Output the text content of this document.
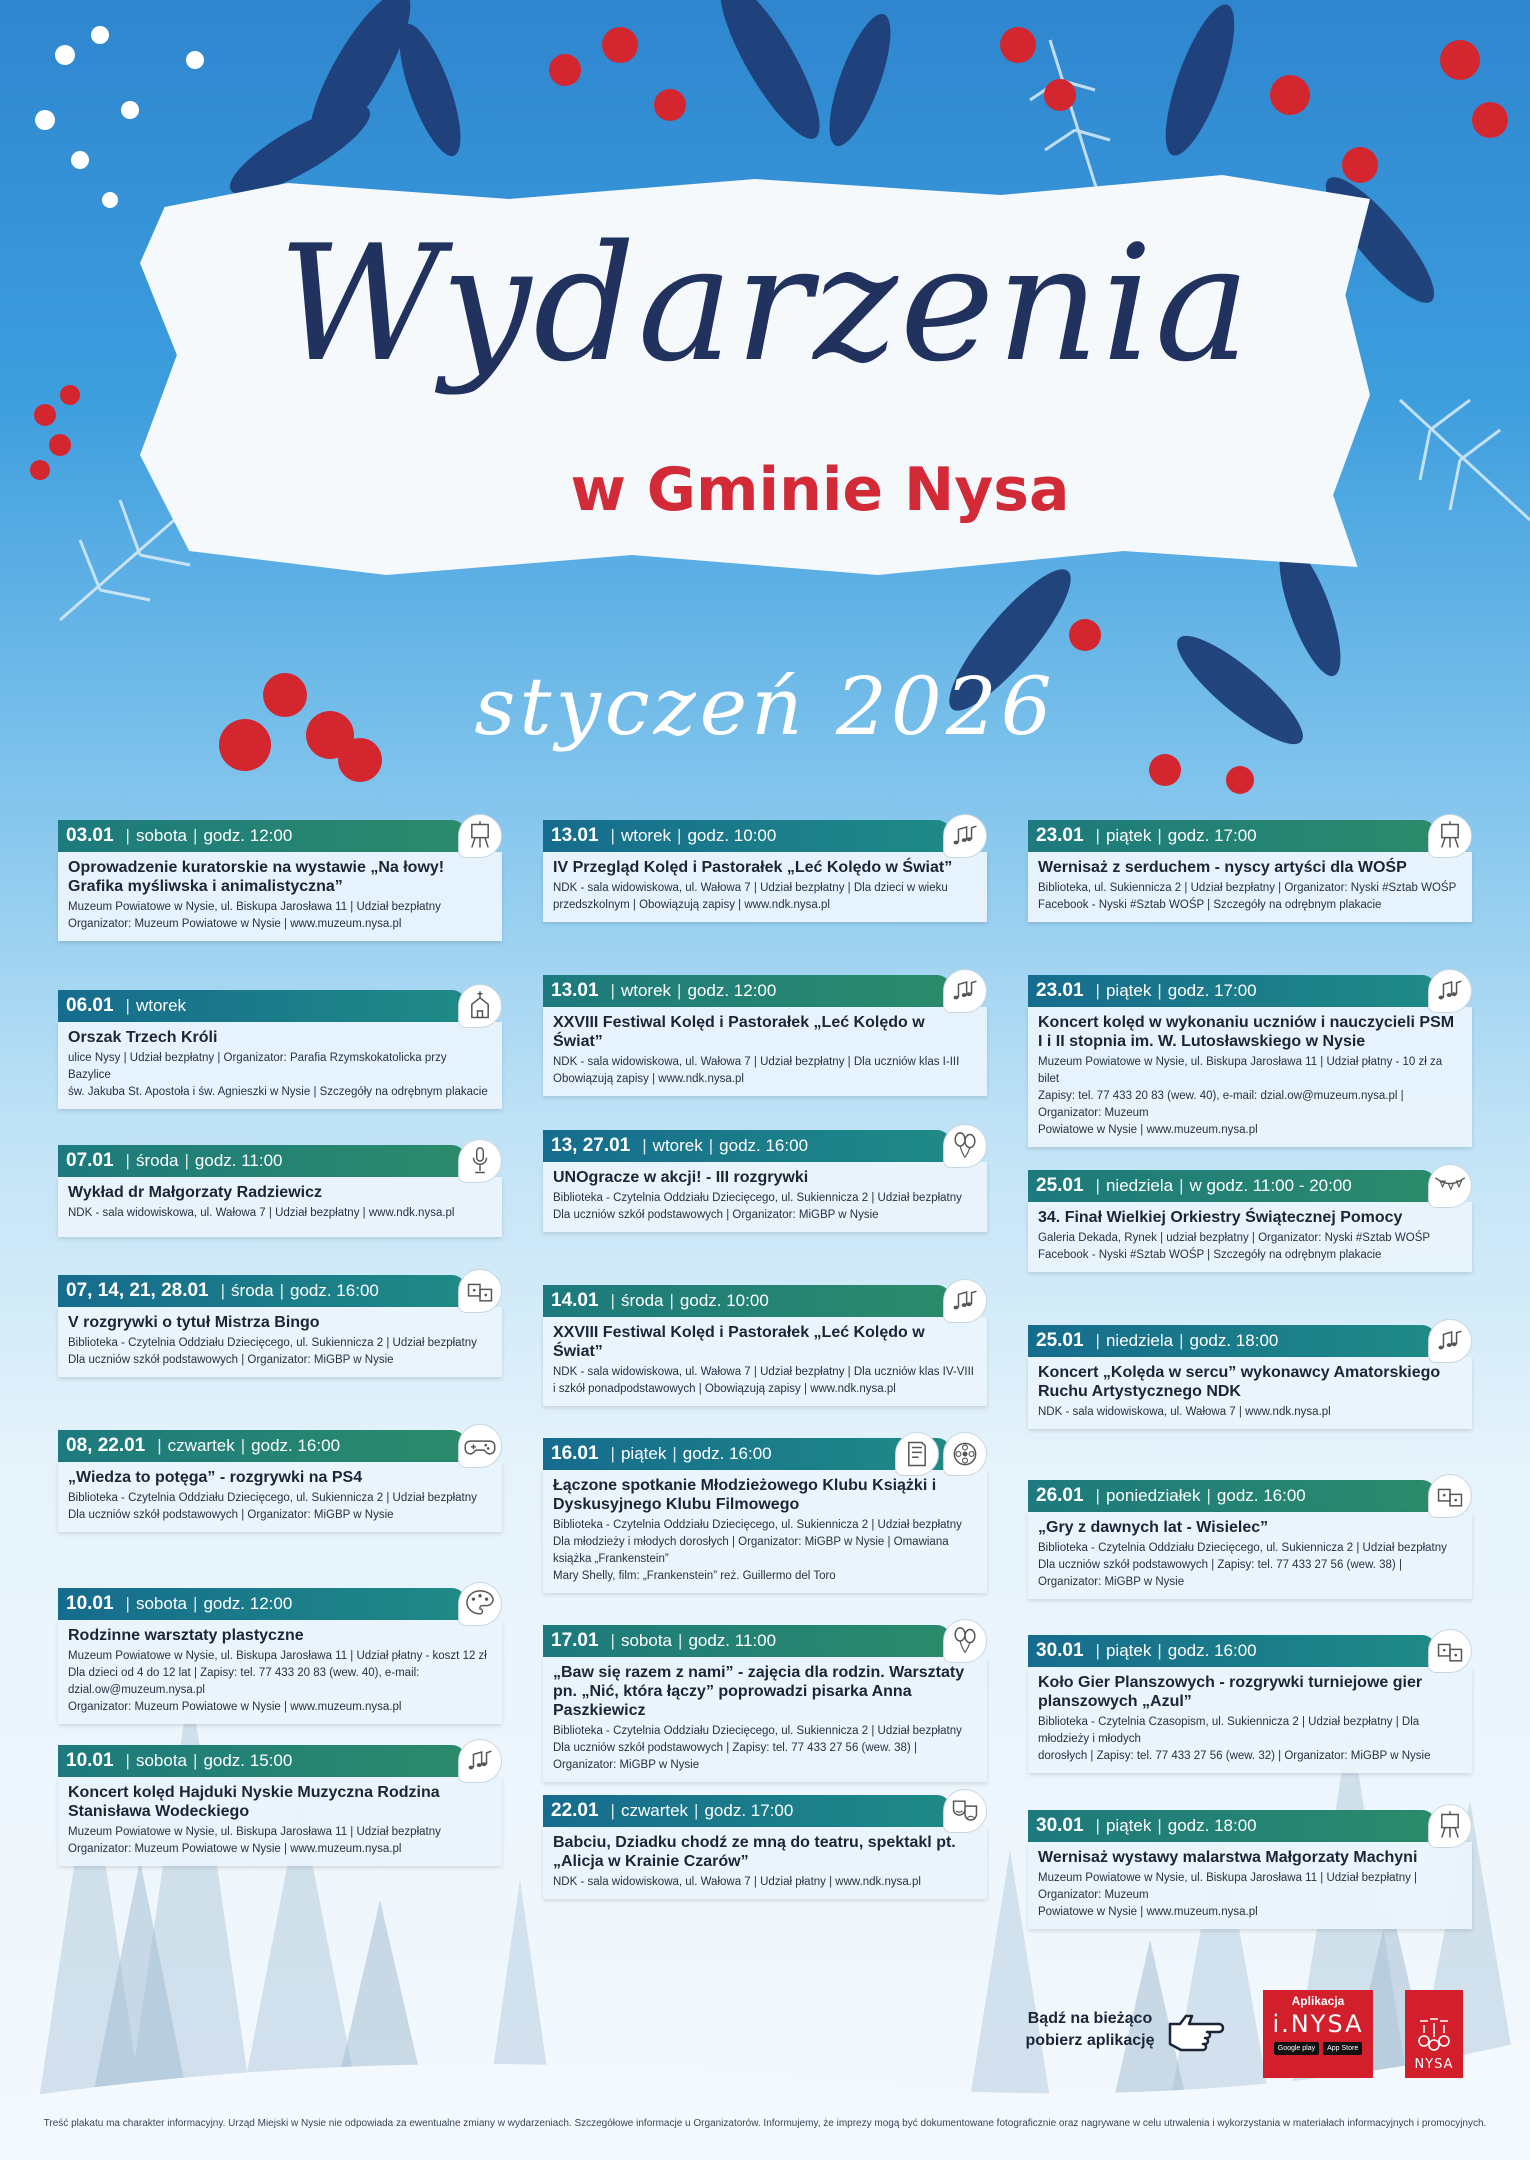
Wydarzenia
w Gminie Nysa
styczeń 2026
03.01 | sobota | godz. 12:00
Oprowadzenie kuratorskie na wystawie „Na łowy! Grafika myśliwska i animalistyczna”
Muzeum Powiatowe w Nysie, ul. Biskupa Jarosława 11 | Udział bezpłatny
Organizator: Muzeum Powiatowe w Nysie | www.muzeum.nysa.pl
06.01 | wtorek
Orszak Trzech Króli
ulice Nysy | Udział bezpłatny | Organizator: Parafia Rzymskokatolicka przy Bazylice
św. Jakuba St. Apostoła i św. Agnieszki w Nysie | Szczegóły na odrębnym plakacie
07.01 | środa | godz. 11:00
Wykład dr Małgorzaty Radziewicz
NDK - sala widowiskowa, ul. Wałowa 7 | Udział bezpłatny | www.ndk.nysa.pl
07, 14, 21, 28.01 | środa | godz. 16:00
V rozgrywki o tytuł Mistrza Bingo
Biblioteka - Czytelnia Oddziału Dziecięcego, ul. Sukiennicza 2 | Udział bezpłatny
Dla uczniów szkół podstawowych | Organizator: MiGBP w Nysie
08, 22.01 | czwartek | godz. 16:00
„Wiedza to potęga” - rozgrywki na PS4
Biblioteka - Czytelnia Oddziału Dziecięcego, ul. Sukiennicza 2 | Udział bezpłatny
Dla uczniów szkół podstawowych | Organizator: MiGBP w Nysie
10.01 | sobota | godz. 12:00
Rodzinne warsztaty plastyczne
Muzeum Powiatowe w Nysie, ul. Biskupa Jarosława 11 | Udział płatny - koszt 12 zł
Dla dzieci od 4 do 12 lat | Zapisy: tel. 77 433 20 83 (wew. 40), e-mail: dzial.ow@muzeum.nysa.pl
Organizator: Muzeum Powiatowe w Nysie | www.muzeum.nysa.pl
10.01 | sobota | godz. 15:00
Koncert kolęd Hajduki Nyskie Muzyczna Rodzina Stanisława Wodeckiego
Muzeum Powiatowe w Nysie, ul. Biskupa Jarosława 11 | Udział bezpłatny
Organizator: Muzeum Powiatowe w Nysie | www.muzeum.nysa.pl
13.01 | wtorek | godz. 10:00
IV Przegląd Kolęd i Pastorałek „Leć Kolędo w Świat”
NDK - sala widowiskowa, ul. Wałowa 7 | Udział bezpłatny | Dla dzieci w wieku
przedszkolnym | Obowiązują zapisy | www.ndk.nysa.pl
13.01 | wtorek | godz. 12:00
XXVIII Festiwal Kolęd i Pastorałek „Leć Kolędo w Świat”
NDK - sala widowiskowa, ul. Wałowa 7 | Udział bezpłatny | Dla uczniów klas I-III
Obowiązują zapisy | www.ndk.nysa.pl
13, 27.01 | wtorek | godz. 16:00
UNOgracze w akcji! - III rozgrywki
Biblioteka - Czytelnia Oddziału Dziecięcego, ul. Sukiennicza 2 | Udział bezpłatny
Dla uczniów szkół podstawowych | Organizator: MiGBP w Nysie
14.01 | środa | godz. 10:00
XXVIII Festiwal Kolęd i Pastorałek „Leć Kolędo w Świat”
NDK - sala widowiskowa, ul. Wałowa 7 | Udział bezpłatny | Dla uczniów klas IV-VIII
i szkół ponadpodstawowych | Obowiązują zapisy | www.ndk.nysa.pl
16.01 | piątek | godz. 16:00
Łączone spotkanie Młodzieżowego Klubu Książki i Dyskusyjnego Klubu Filmowego
Biblioteka - Czytelnia Oddziału Dziecięcego, ul. Sukiennicza 2 | Udział bezpłatny
Dla młodzieży i młodych dorosłych | Organizator: MiGBP w Nysie | Omawiana książka „Frankenstein”
Mary Shelly, film: „Frankenstein” reż. Guillermo del Toro
17.01 | sobota | godz. 11:00
„Baw się razem z nami” - zajęcia dla rodzin. Warsztaty pn. „Nić, która łączy” poprowadzi pisarka Anna Paszkiewicz
Biblioteka - Czytelnia Oddziału Dziecięcego, ul. Sukiennicza 2 | Udział bezpłatny
Dla uczniów szkół podstawowych | Zapisy: tel. 77 433 27 56 (wew. 38) | Organizator: MiGBP w Nysie
22.01 | czwartek | godz. 17:00
Babciu, Dziadku chodź ze mną do teatru, spektakl pt. „Alicja w Krainie Czarów”
NDK - sala widowiskowa, ul. Wałowa 7 | Udział płatny | www.ndk.nysa.pl
23.01 | piątek | godz. 17:00
Wernisaż z serduchem - nyscy artyści dla WOŚP
Biblioteka, ul. Sukiennicza 2 | Udział bezpłatny | Organizator: Nyski #Sztab WOŚP
Facebook - Nyski #Sztab WOŚP | Szczegóły na odrębnym plakacie
23.01 | piątek | godz. 17:00
Koncert kolęd w wykonaniu uczniów i nauczycieli PSM I i II stopnia im. W. Lutosławskiego w Nysie
Muzeum Powiatowe w Nysie, ul. Biskupa Jarosława 11 | Udział płatny - 10 zł za bilet
Zapisy: tel. 77 433 20 83 (wew. 40), e-mail: dzial.ow@muzeum.nysa.pl | Organizator: Muzeum
Powiatowe w Nysie | www.muzeum.nysa.pl
25.01 | niedziela | w godz. 11:00 - 20:00
34. Finał Wielkiej Orkiestry Świątecznej Pomocy
Galeria Dekada, Rynek | udział bezpłatny | Organizator: Nyski #Sztab WOŚP
Facebook - Nyski #Sztab WOŚP | Szczegóły na odrębnym plakacie
25.01 | niedziela | godz. 18:00
Koncert „Kolęda w sercu” wykonawcy Amatorskiego Ruchu Artystycznego NDK
NDK - sala widowiskowa, ul. Wałowa 7 | www.ndk.nysa.pl
26.01 | poniedziałek | godz. 16:00
„Gry z dawnych lat - Wisielec”
Biblioteka - Czytelnia Oddziału Dziecięcego, ul. Sukiennicza 2 | Udział bezpłatny
Dla uczniów szkół podstawowych | Zapisy: tel. 77 433 27 56 (wew. 38) | Organizator: MiGBP w Nysie
30.01 | piątek | godz. 16:00
Koło Gier Planszowych - rozgrywki turniejowe gier planszowych „Azul”
Biblioteka - Czytelnia Czasopism, ul. Sukiennicza 2 | Udział bezpłatny | Dla młodzieży i młodych
dorosłych | Zapisy: tel. 77 433 27 56 (wew. 32) | Organizator: MiGBP w Nysie
30.01 | piątek | godz. 18:00
Wernisaż wystawy malarstwa Małgorzaty Machyni
Muzeum Powiatowe w Nysie, ul. Biskupa Jarosława 11 | Udział bezpłatny | Organizator: Muzeum
Powiatowe w Nysie | www.muzeum.nysa.pl
Bądź na bieżąco
pobierz aplikację
Aplikacja
i.NYSA
Google play	App Store
NYSA
Treść plakatu ma charakter informacyjny. Urząd Miejski w Nysie nie odpowiada za ewentualne zmiany w wydarzeniach. Szczegółowe informacje u Organizatorów. Informujemy, że imprezy mogą być dokumentowane fotograficznie oraz nagrywane w celu utrwalenia i wykorzystania w materiałach informacyjnych i promocyjnych.
